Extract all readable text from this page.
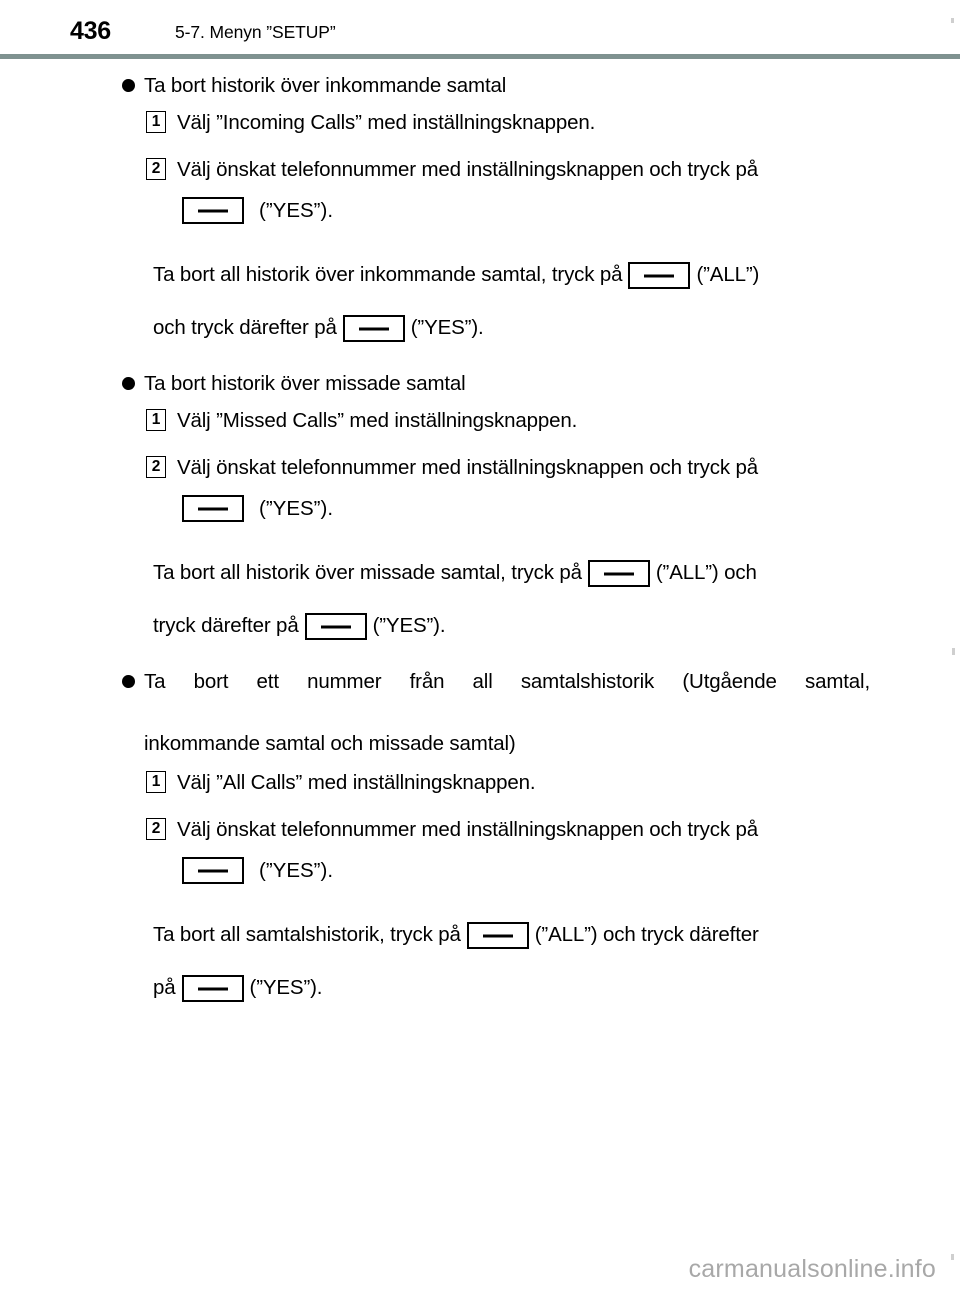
436	5-7. Menyn ”SETUP”
Ta bort historik över inkommande samtal
1 Välj ”Incoming Calls” med inställningsknappen.
2 Välj önskat telefonnummer med inställningsknappen och tryck på
(”YES”).
Ta bort all historik över inkommande samtal, tryck på	(”ALL”)
och tryck därefter på	(”YES”).
Ta bort historik över missade samtal
1 Välj ”Missed Calls” med inställningsknappen.
2 Välj önskat telefonnummer med inställningsknappen och tryck på
(”YES”).
Ta bort all historik över missade samtal, tryck på	(”ALL”) och
tryck därefter på	(”YES”).
Ta bort ett nummer från all samtalshistorik (Utgående samtal,
inkommande samtal och missade samtal)
1 Välj ”All Calls” med inställningsknappen.
2 Välj önskat telefonnummer med inställningsknappen och tryck på
(”YES”).
Ta bort all samtalshistorik, tryck på	(”ALL”) och tryck därefter
på	(”YES”).
carmanualsonline.info
